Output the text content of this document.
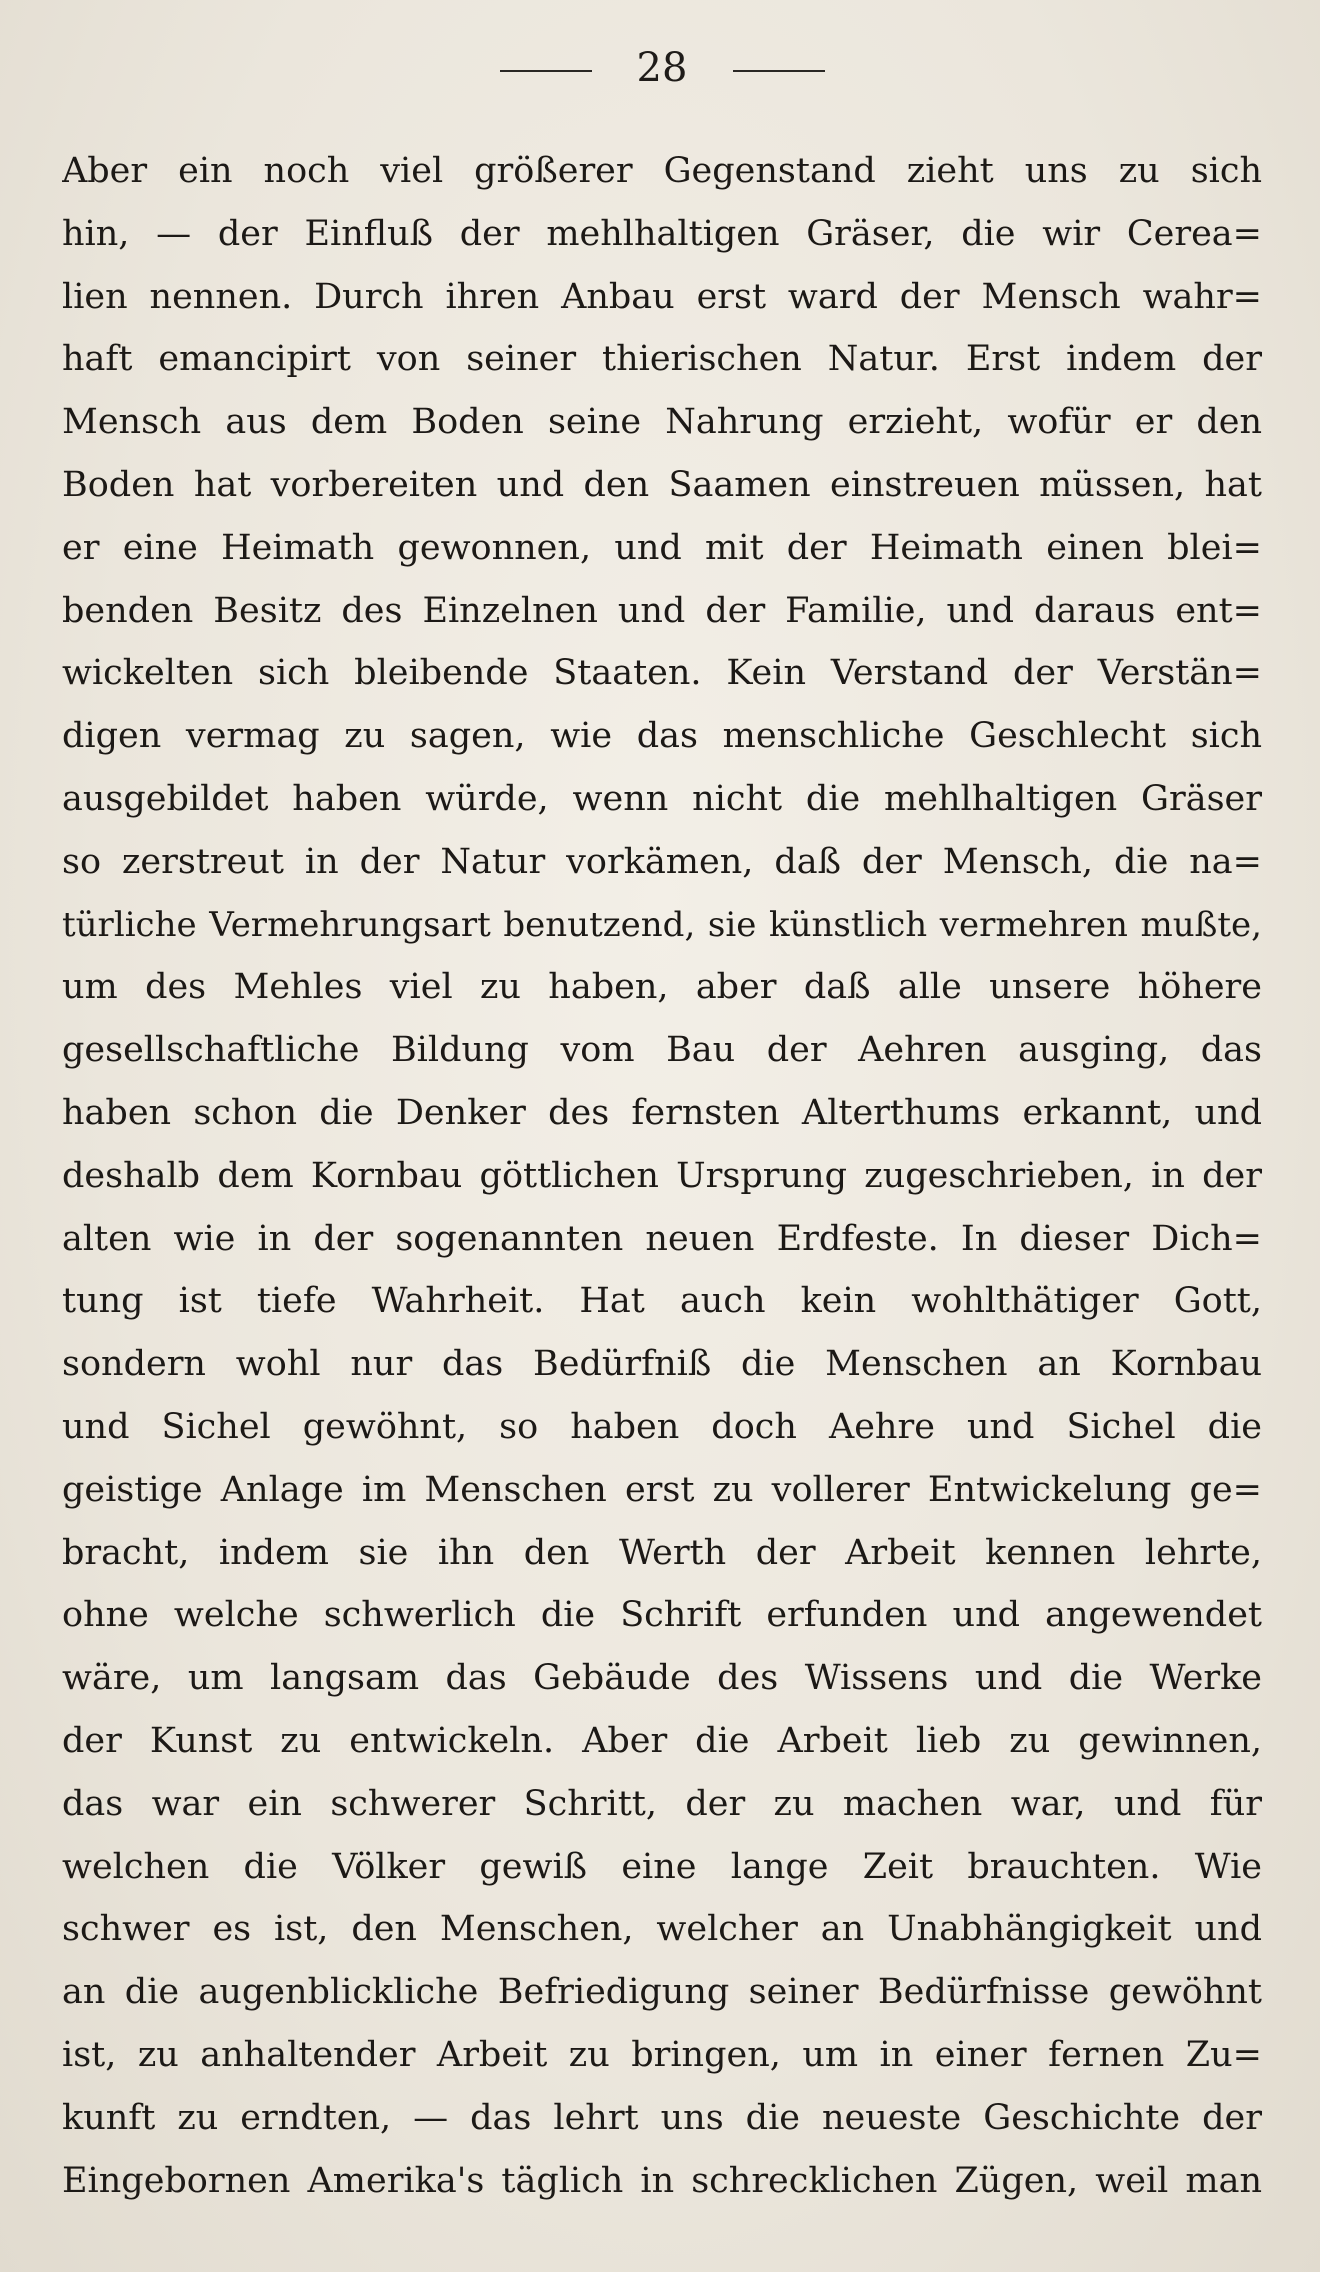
28
Aber ein noch viel größerer Gegenstand zieht uns zu sich
hin, — der Einfluß der mehlhaltigen Gräser, die wir Cerea=
lien nennen. Durch ihren Anbau erst ward der Mensch wahr=
haft emancipirt von seiner thierischen Natur. Erst indem der
Mensch aus dem Boden seine Nahrung erzieht, wofür er den
Boden hat vorbereiten und den Saamen einstreuen müssen, hat
er eine Heimath gewonnen, und mit der Heimath einen blei=
benden Besitz des Einzelnen und der Familie, und daraus ent=
wickelten sich bleibende Staaten. Kein Verstand der Verstän=
digen vermag zu sagen, wie das menschliche Geschlecht sich
ausgebildet haben würde, wenn nicht die mehlhaltigen Gräser
so zerstreut in der Natur vorkämen, daß der Mensch, die na=
türliche Vermehrungsart benutzend, sie künstlich vermehren mußte,
um des Mehles viel zu haben, aber daß alle unsere höhere
gesellschaftliche Bildung vom Bau der Aehren ausging, das
haben schon die Denker des fernsten Alterthums erkannt, und
deshalb dem Kornbau göttlichen Ursprung zugeschrieben, in der
alten wie in der sogenannten neuen Erdfeste. In dieser Dich=
tung ist tiefe Wahrheit. Hat auch kein wohlthätiger Gott,
sondern wohl nur das Bedürfniß die Menschen an Kornbau
und Sichel gewöhnt, so haben doch Aehre und Sichel die
geistige Anlage im Menschen erst zu vollerer Entwickelung ge=
bracht, indem sie ihn den Werth der Arbeit kennen lehrte,
ohne welche schwerlich die Schrift erfunden und angewendet
wäre, um langsam das Gebäude des Wissens und die Werke
der Kunst zu entwickeln. Aber die Arbeit lieb zu gewinnen,
das war ein schwerer Schritt, der zu machen war, und für
welchen die Völker gewiß eine lange Zeit brauchten. Wie
schwer es ist, den Menschen, welcher an Unabhängigkeit und
an die augenblickliche Befriedigung seiner Bedürfnisse gewöhnt
ist, zu anhaltender Arbeit zu bringen, um in einer fernen Zu=
kunft zu erndten, — das lehrt uns die neueste Geschichte der
Eingebornen Amerika's täglich in schrecklichen Zügen, weil man
